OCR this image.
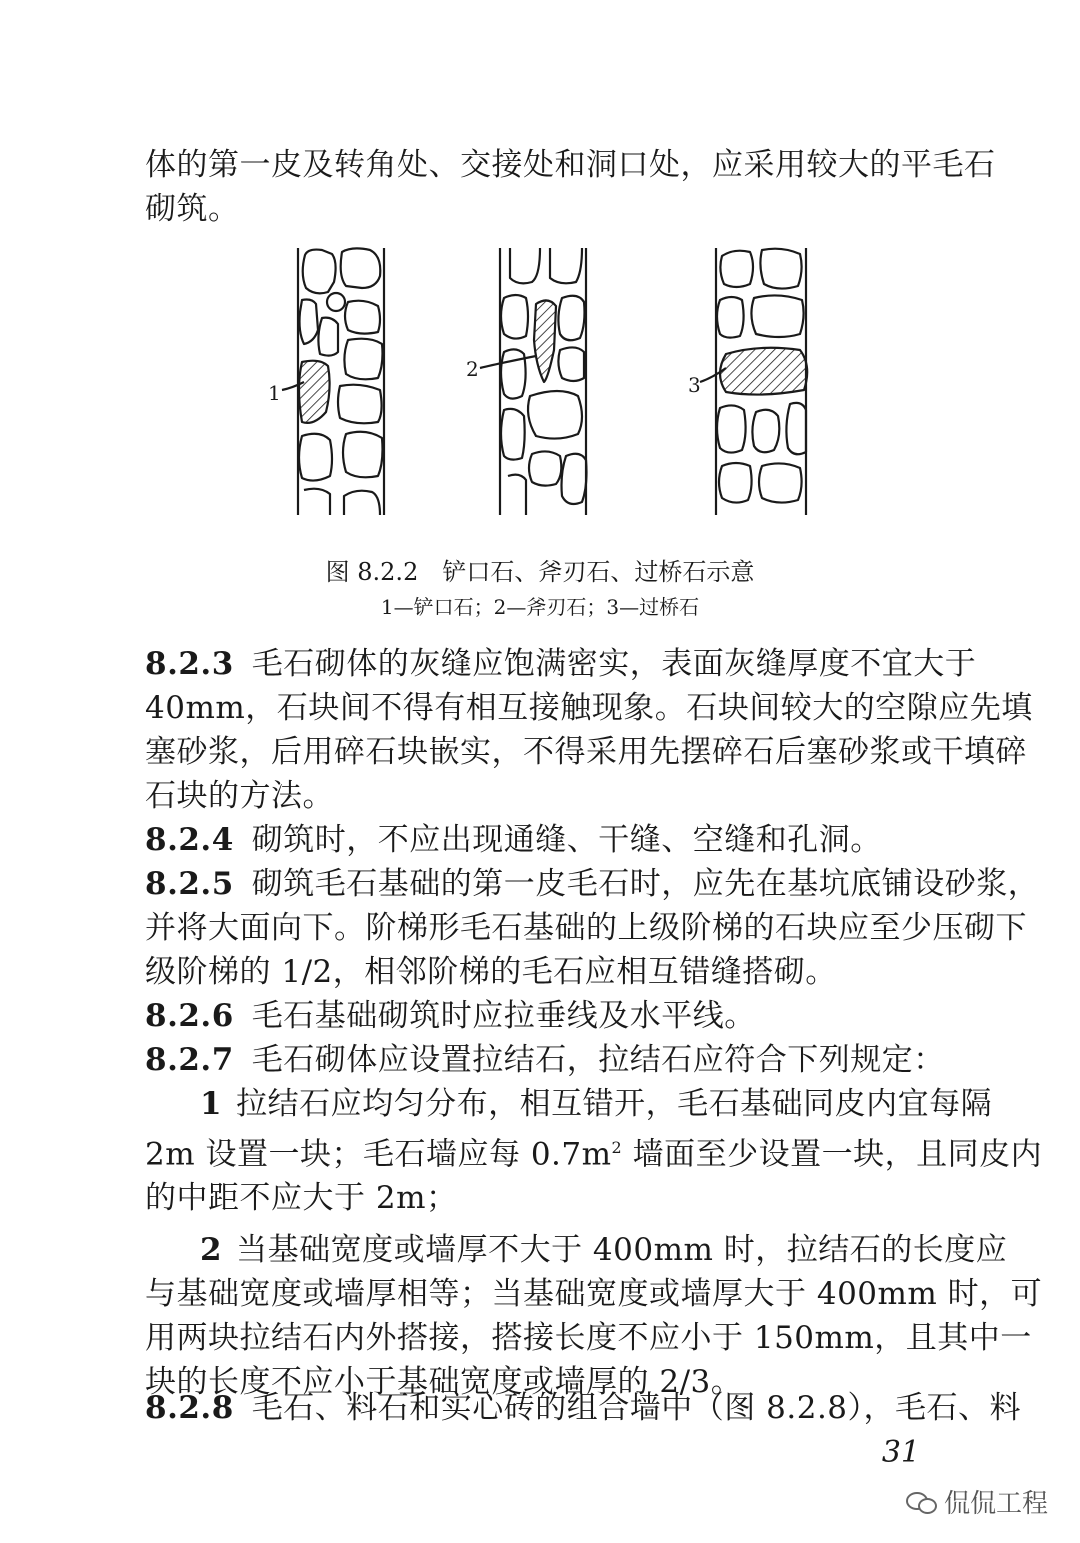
体的第一皮及转角处、交接处和洞口处，应采用较大的平毛石
砌筑。
1
2
3
图 8.2.2　铲口石、斧刃石、过桥石示意
1—铲口石；2—斧刃石；3—过桥石
8.2.3 毛石砌体的灰缝应饱满密实，表面灰缝厚度不宜大于
40mm，石块间不得有相互接触现象。石块间较大的空隙应先填
塞砂浆，后用碎石块嵌实，不得采用先摆碎石后塞砂浆或干填碎
石块的方法。
8.2.4 砌筑时，不应出现通缝、干缝、空缝和孔洞。
8.2.5 砌筑毛石基础的第一皮毛石时，应先在基坑底铺设砂浆，
并将大面向下。阶梯形毛石基础的上级阶梯的石块应至少压砌下
级阶梯的 1/2，相邻阶梯的毛石应相互错缝搭砌。
8.2.6 毛石基础砌筑时应拉垂线及水平线。
8.2.7 毛石砌体应设置拉结石，拉结石应符合下列规定：
1 拉结石应均匀分布，相互错开，毛石基础同皮内宜每隔
2m 设置一块；毛石墙应每 $0.7m^2$ 墙面至少设置一块，且同皮内
的中距不应大于 2m；
2 当基础宽度或墙厚不大于 400mm 时，拉结石的长度应
与基础宽度或墙厚相等；当基础宽度或墙厚大于 400mm 时，可
用两块拉结石内外搭接，搭接长度不应小于 150mm，且其中一
块的长度不应小于基础宽度或墙厚的 2/3。
8.2.8 毛石、料石和实心砖的组合墙中（图 8.2.8），毛石、料
31
侃侃工程
